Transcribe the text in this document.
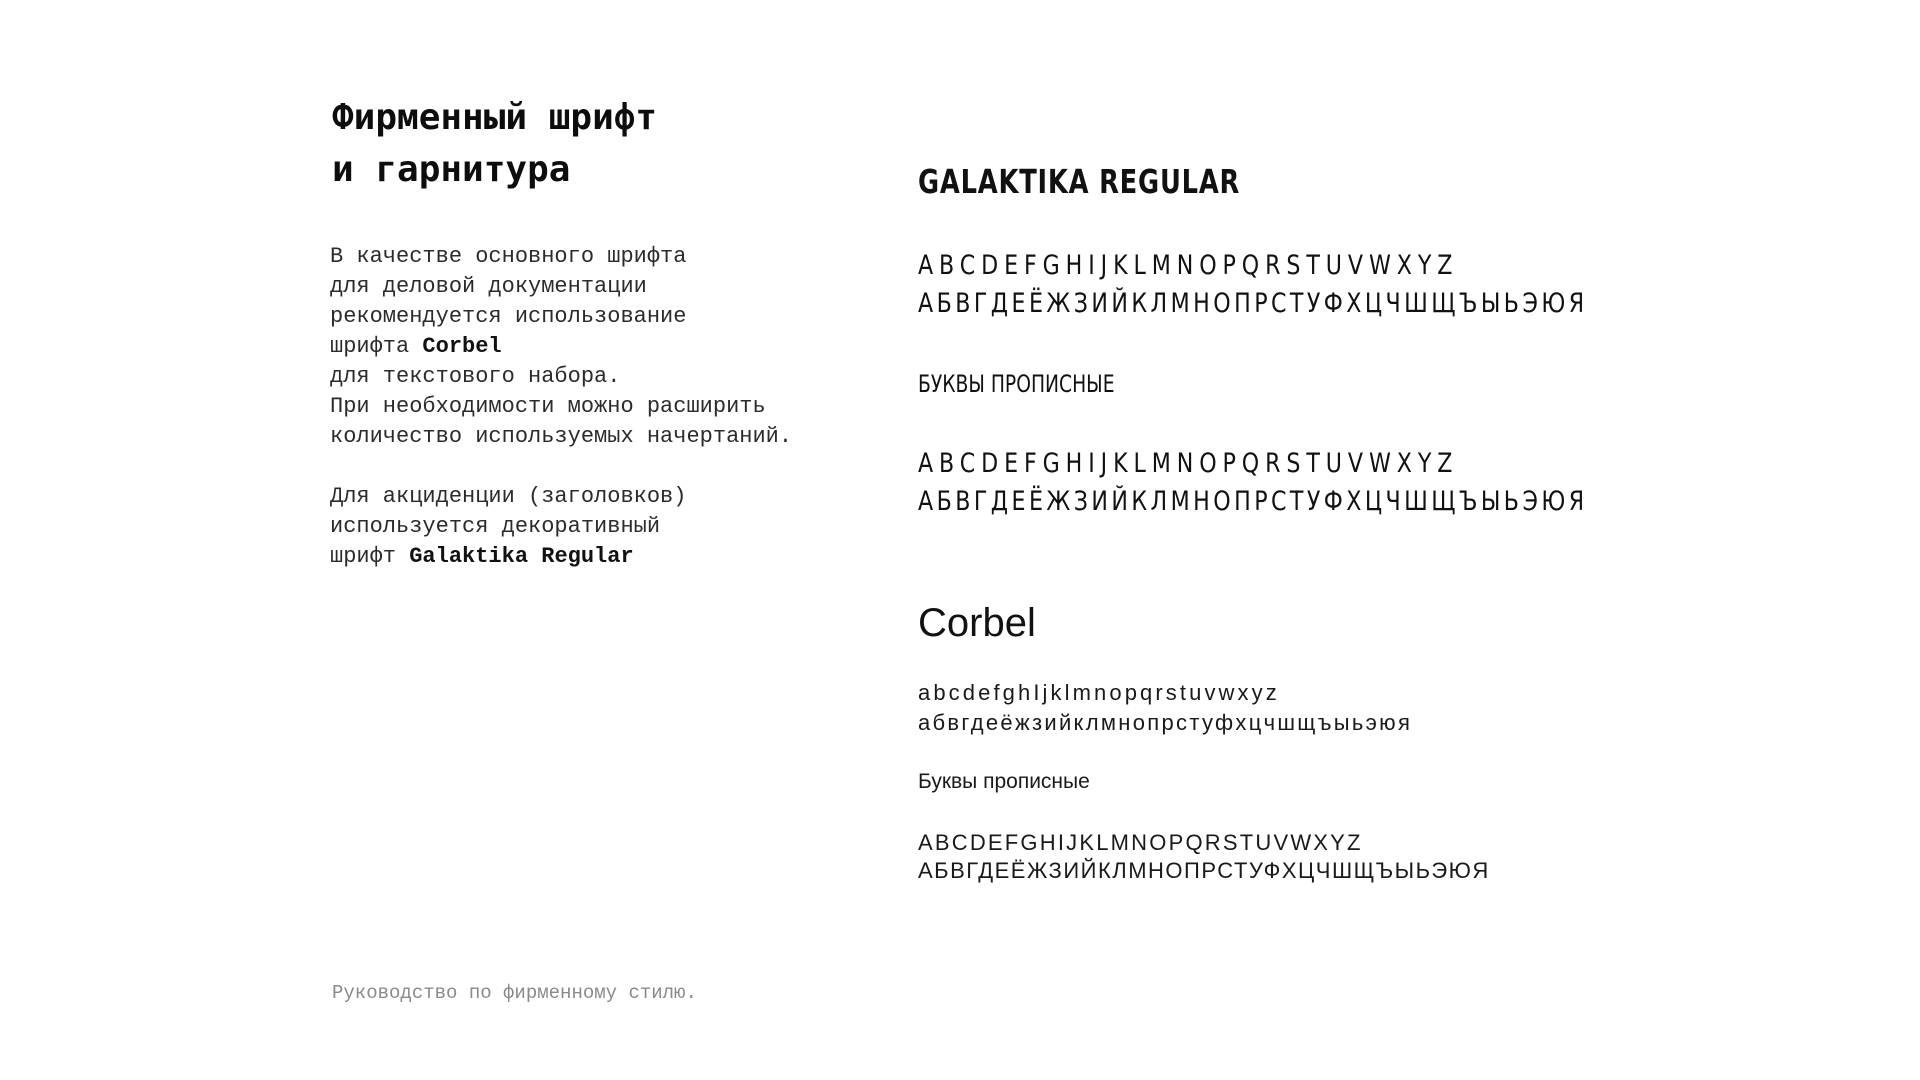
Фирменный шрифт
и гарнитура
В качестве основного шрифта
для деловой документации
рекомендуется использование
шрифта Corbel
для текстового набора.
При необходимости можно расширить
количество используемых начертаний.
Для акциденции (заголовков)
используется декоративный
шрифт Galaktika Regular
Руководство по фирменному стилю.
GALAKTIKA REGULAR
ABCDEFGHIJKLMNOPQRSTUVWXYZ
АБВГДЕЁЖЗИЙКЛМНОПРСТУФХЦЧШЩЪЫЬЭЮЯ
БУКВЫ ПРОПИСНЫЕ
ABCDEFGHIJKLMNOPQRSTUVWXYZ
АБВГДЕЁЖЗИЙКЛМНОПРСТУФХЦЧШЩЪЫЬЭЮЯ
Corbel
abcdefghIjklmnopqrstuvwxyz
абвгдеёжзийклмнопрстуфхцчшщъыьэюя
Буквы прописные
ABCDEFGHIJKLMNOPQRSTUVWXYZ
АБВГДЕЁЖЗИЙКЛМНОПРСТУФХЦЧШЩЪЫЬЭЮЯ
